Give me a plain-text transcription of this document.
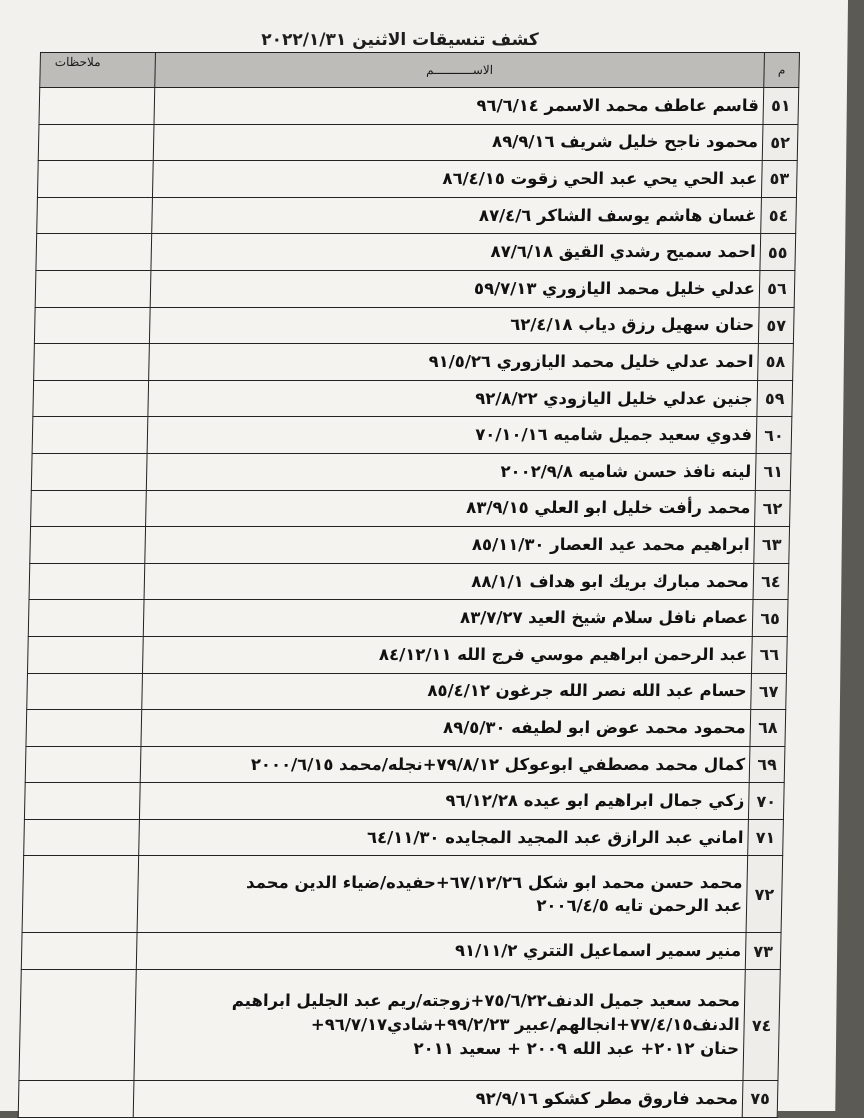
كشف تنسيقات الاثنين ٢٠٢٢/١/٣١
م	الاســـــــــــم	ملاحظات
٥١	قاسم عاطف محمد الاسمر ٩٦/٦/١٤	
٥٢	محمود ناجح خليل شريف ٨٩/٩/١٦	
٥٣	عبد الحي يحي عبد الحي زقوت ٨٦/٤/١٥	
٥٤	غسان هاشم يوسف الشاكر ٨٧/٤/٦	
٥٥	احمد سميح رشدي القيق ٨٧/٦/١٨	
٥٦	عدلي خليل محمد اليازوري ٥٩/٧/١٣	
٥٧	حنان سهيل رزق دياب ٦٢/٤/١٨	
٥٨	احمد عدلي خليل محمد اليازوري ٩١/٥/٢٦	
٥٩	جنين عدلي خليل اليازودي ٩٢/٨/٢٢	
٦٠	فدوي سعيد جميل شاميه ٧٠/١٠/١٦	
٦١	لينه نافذ حسن شاميه ٢٠٠٢/٩/٨	
٦٢	محمد رأفت خليل ابو العلي ٨٣/٩/١٥	
٦٣	ابراهيم محمد عيد العصار ٨٥/١١/٣٠	
٦٤	محمد مبارك بريك ابو هداف ٨٨/١/١	
٦٥	عصام نافل سلام شيخ العيد ٨٣/٧/٢٧	
٦٦	عبد الرحمن ابراهيم موسي فرج الله ٨٤/١٢/١١	
٦٧	حسام عبد الله نصر الله جرغون ٨٥/٤/١٢	
٦٨	محمود محمد عوض ابو لطيفه ٨٩/٥/٣٠	
٦٩	كمال محمد مصطفي ابوعوكل ٧٩/٨/١٢+نجله/محمد ٢٠٠٠/٦/١٥	
٧٠	زكي جمال ابراهيم ابو عيده ٩٦/١٢/٢٨	
٧١	اماني عبد الرازق عبد المجيد المجايده ٦٤/١١/٣٠	
٧٢	محمد حسن محمد ابو شكل ٦٧/١٢/٢٦+حفيده/ضياء الدين محمد
عبد الرحمن تايه ٢٠٠٦/٤/٥	
٧٣	منير سمير اسماعيل التتري ٩١/١١/٢	
٧٤	محمد سعيد جميل الدنف٧٥/٦/٢٢+زوجته/ريم عبد الجليل ابراهيم
الدنف٧٧/٤/١٥+انجالهم/عبير ٩٩/٢/٢٣+شادي٩٦/٧/١٧+
حنان ٢٠١٢+ عبد الله ٢٠٠٩ + سعيد ٢٠١١	
٧٥	محمد فاروق مطر كشكو ٩٢/٩/١٦	
